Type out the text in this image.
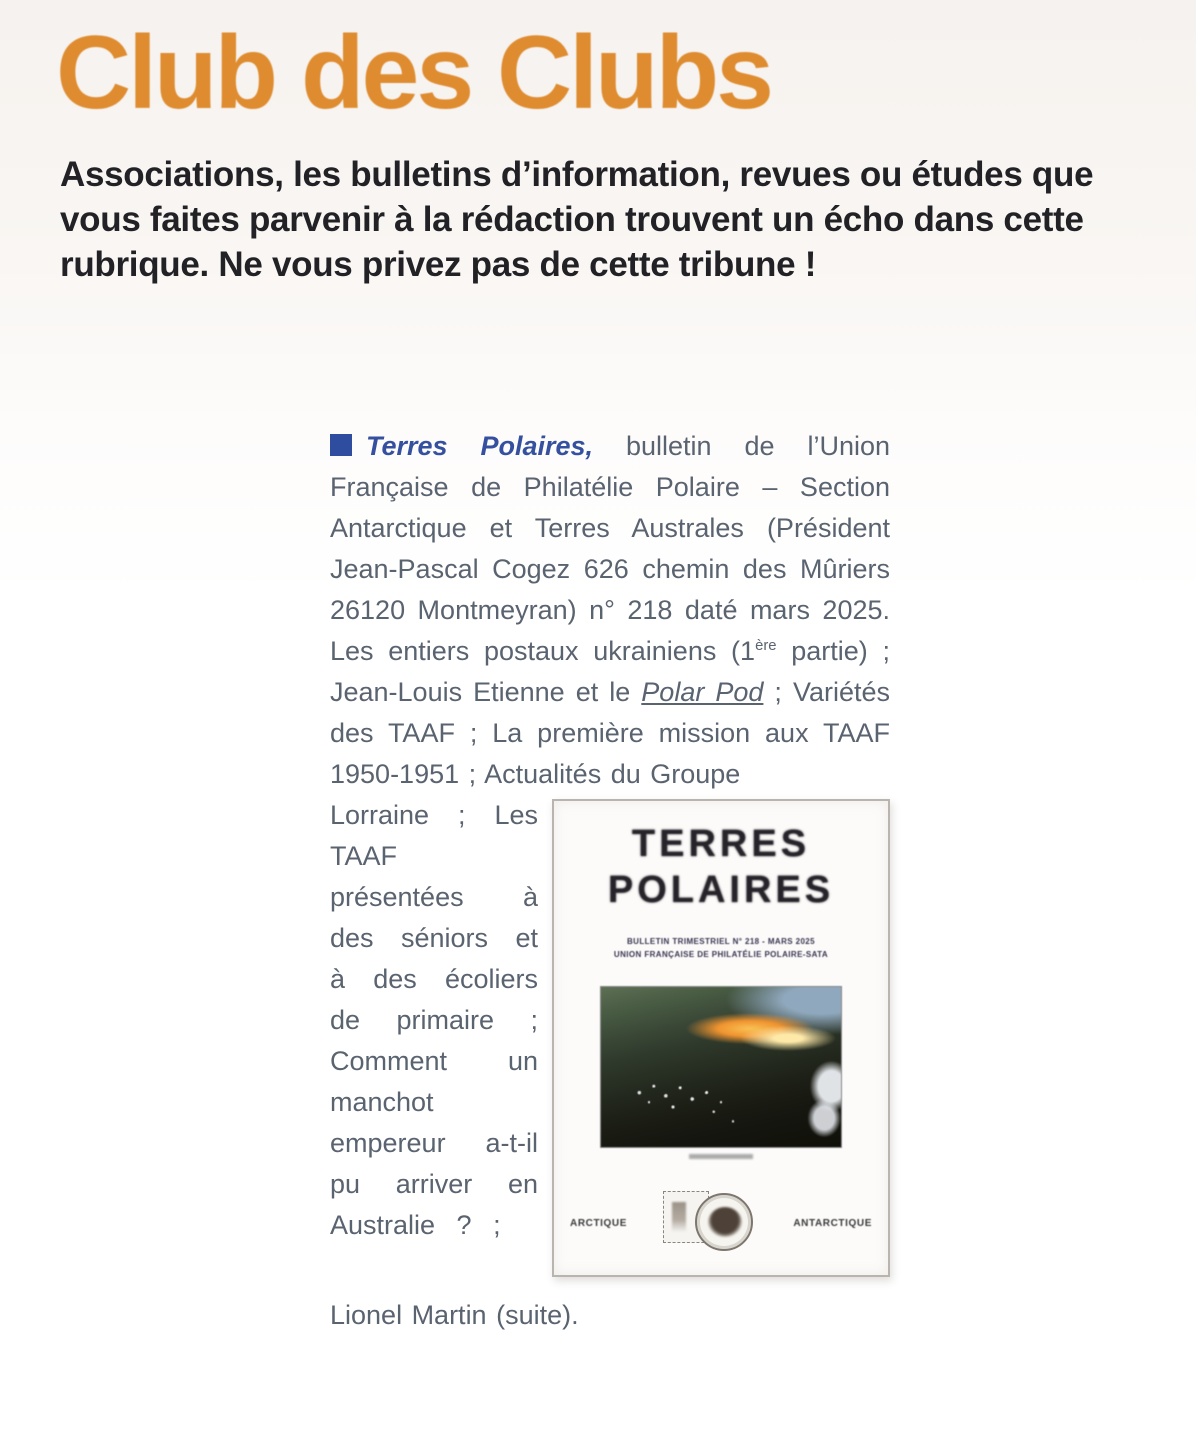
Club des Clubs

Associations, les bulletins d’information, revues ou études que vous faites parvenir à la rédaction trouvent un écho dans cette rubrique. Ne vous privez pas de cette tribune !

Terres Polaires, bulletin de l’Union Française de Philatélie Polaire – Section Antarctique et Terres Australes (Président Jean-Pascal Cogez 626 chemin des Mûriers 26120 Montmeyran) n° 218 daté mars 2025. Les entiers postaux ukrainiens (1ère partie) ; Jean-Louis Etienne et le Polar Pod ; Variétés des TAAF ; La première mission aux TAAF 1950-1951 ; Actualités du Groupe
TERRES
POLAIRES
BULLETIN TRIMESTRIEL N° 218 - MARS 2025
UNION FRANÇAISE DE PHILATÉLIE POLAIRE-SATA
ARCTIQUE	ANTARCTIQUE
Lorraine ; Les TAAF présentées à des séniors et à des écoliers de primaire ; Comment un manchot empereur a-t-il pu arriver en Australie ? ;
Lionel Martin (suite).
